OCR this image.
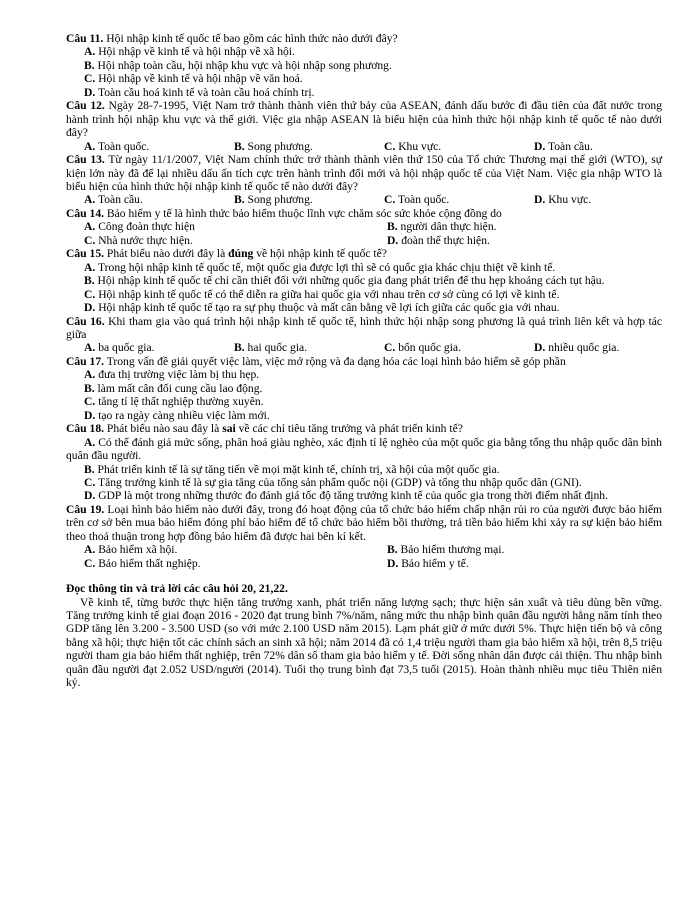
Câu 11. Hội nhập kinh tế quốc tế bao gồm các hình thức nào dưới đây?
A. Hội nhập về kinh tế và hội nhập về xã hội.
B. Hội nhập toàn cầu, hội nhập khu vực và hội nhập song phương.
C. Hội nhập về kinh tế và hội nhập về văn hoá.
D. Toàn cầu hoá kinh tế và toàn cầu hoá chính trị.
Câu 12. Ngày 28-7-1995, Việt Nam trở thành thành viên thứ bảy của ASEAN, đánh dấu bước đi đầu tiên của đất nước trong hành trình hội nhập khu vực và thế giới. Việc gia nhập ASEAN là biểu hiện của hình thức hội nhập kinh tế quốc tế nào dưới đây?
A. Toàn quốc.	B. Song phương.	C. Khu vực.	D. Toàn cầu.
Câu 13. Từ ngày 11/1/2007, Việt Nam chính thức trở thành thành viên thứ 150 của Tổ chức Thương mại thế giới (WTO), sự kiện lớn này đã để lại nhiều dấu ấn tích cực trên hành trình đổi mới và hội nhập quốc tế của Việt Nam. Việc gia nhập WTO là biểu hiện của hình thức hội nhập kinh tế quốc tế nào dưới đây?
A. Toàn cầu.	B. Song phương.	C. Toàn quốc.	D. Khu vực.
Câu 14. Bảo hiểm y tế là hình thức bảo hiểm thuộc lĩnh vực chăm sóc sức khỏe cộng đồng do
A. Công đoàn thực hiện	B. người dân thực hiện.
C. Nhà nước thực hiện.	D. đoàn thể thực hiện.
Câu 15. Phát biểu nào dưới đây là đúng về hội nhập kinh tế quốc tế?
A. Trong hội nhập kinh tế quốc tế, một quốc gia được lợi thì sẽ có quốc gia khác chịu thiệt về kinh tế.
B. Hội nhập kinh tế quốc tế chỉ cần thiết đối với những quốc gia đang phát triển để thu hẹp khoảng cách tụt hậu.
C. Hội nhập kinh tế quốc tế có thể diễn ra giữa hai quốc gia với nhau trên cơ sở cùng có lợi về kinh tế.
D. Hội nhập kinh tế quốc tế tạo ra sự phụ thuộc và mất cân bằng về lợi ích giữa các quốc gia với nhau.
Câu 16. Khi tham gia vào quá trình hội nhập kinh tế quốc tế, hình thức hội nhập song phương là quá trình liên kết và hợp tác giữa
A. ba quốc gia.	B. hai quốc gia.	C. bốn quốc gia.	D. nhiều quốc gia.
Câu 17. Trong vấn đề giải quyết việc làm, việc mở rộng và đa dạng hóa các loại hình bảo hiểm sẽ góp phần
A. đưa thị trường việc làm bị thu hẹp.
B. làm mất cân đối cung cầu lao động.
C. tăng tỉ lệ thất nghiệp thường xuyên.
D. tạo ra ngày càng nhiều việc làm mới.
Câu 18. Phát biểu nào sau đây là sai về các chỉ tiêu tăng trưởng và phát triển kinh tế?
A. Có thể đánh giá mức sống, phân hoá giàu nghèo, xác định tỉ lệ nghèo của một quốc gia bằng tổng thu nhập quốc dân bình quân đầu người.
B. Phát triển kinh tế là sự tăng tiến về mọi mặt kinh tế, chính trị, xã hội của một quốc gia.
C. Tăng trưởng kinh tế là sự gia tăng của tổng sản phẩm quốc nội (GDP) và tổng thu nhập quốc dân (GNI).
D. GDP là một trong những thước đo đánh giá tốc độ tăng trưởng kinh tế của quốc gia trong thời điểm nhất định.
Câu 19. Loại hình bảo hiểm nào dưới đây, trong đó hoạt động của tổ chức bảo hiểm chấp nhận rủi ro của người được bảo hiểm trên cơ sở bên mua bảo hiểm đóng phí bảo hiểm để tổ chức bảo hiểm bồi thường, trả tiền bảo hiểm khi xảy ra sự kiện bảo hiểm theo thoả thuận trong hợp đồng bảo hiểm đã được hai bên kí kết.
A. Bảo hiểm xã hội.	B. Bảo hiểm thương mại.
C. Bảo hiểm thất nghiệp.	D. Bảo hiểm y tế.
Đọc thông tin và trả lời các câu hỏi 20, 21,22.
Về kinh tế, từng bước thực hiện tăng trưởng xanh, phát triển năng lượng sạch; thực hiện sản xuất và tiêu dùng bền vững. Tăng trưởng kinh tế giai đoạn 2016 - 2020 đạt trung bình 7%/năm, nâng mức thu nhập bình quân đầu người hằng năm tính theo GDP tăng lên 3.200 - 3.500 USD (so với mức 2.100 USD năm 2015). Lạm phát giữ ở mức dưới 5%. Thực hiện tiến bộ và công bằng xã hội; thực hiện tốt các chính sách an sinh xã hội; năm 2014 đã có 1,4 triệu người tham gia bảo hiểm xã hội, trên 8,5 triệu người tham gia bảo hiểm thất nghiệp, trên 72% dân số tham gia bảo hiểm y tế. Đời sống nhân dân được cải thiện. Thu nhập bình quân đầu người đạt 2.052 USD/người (2014). Tuổi thọ trung bình đạt 73,5 tuổi (2015). Hoàn thành nhiều mục tiêu Thiên niên kỷ.
